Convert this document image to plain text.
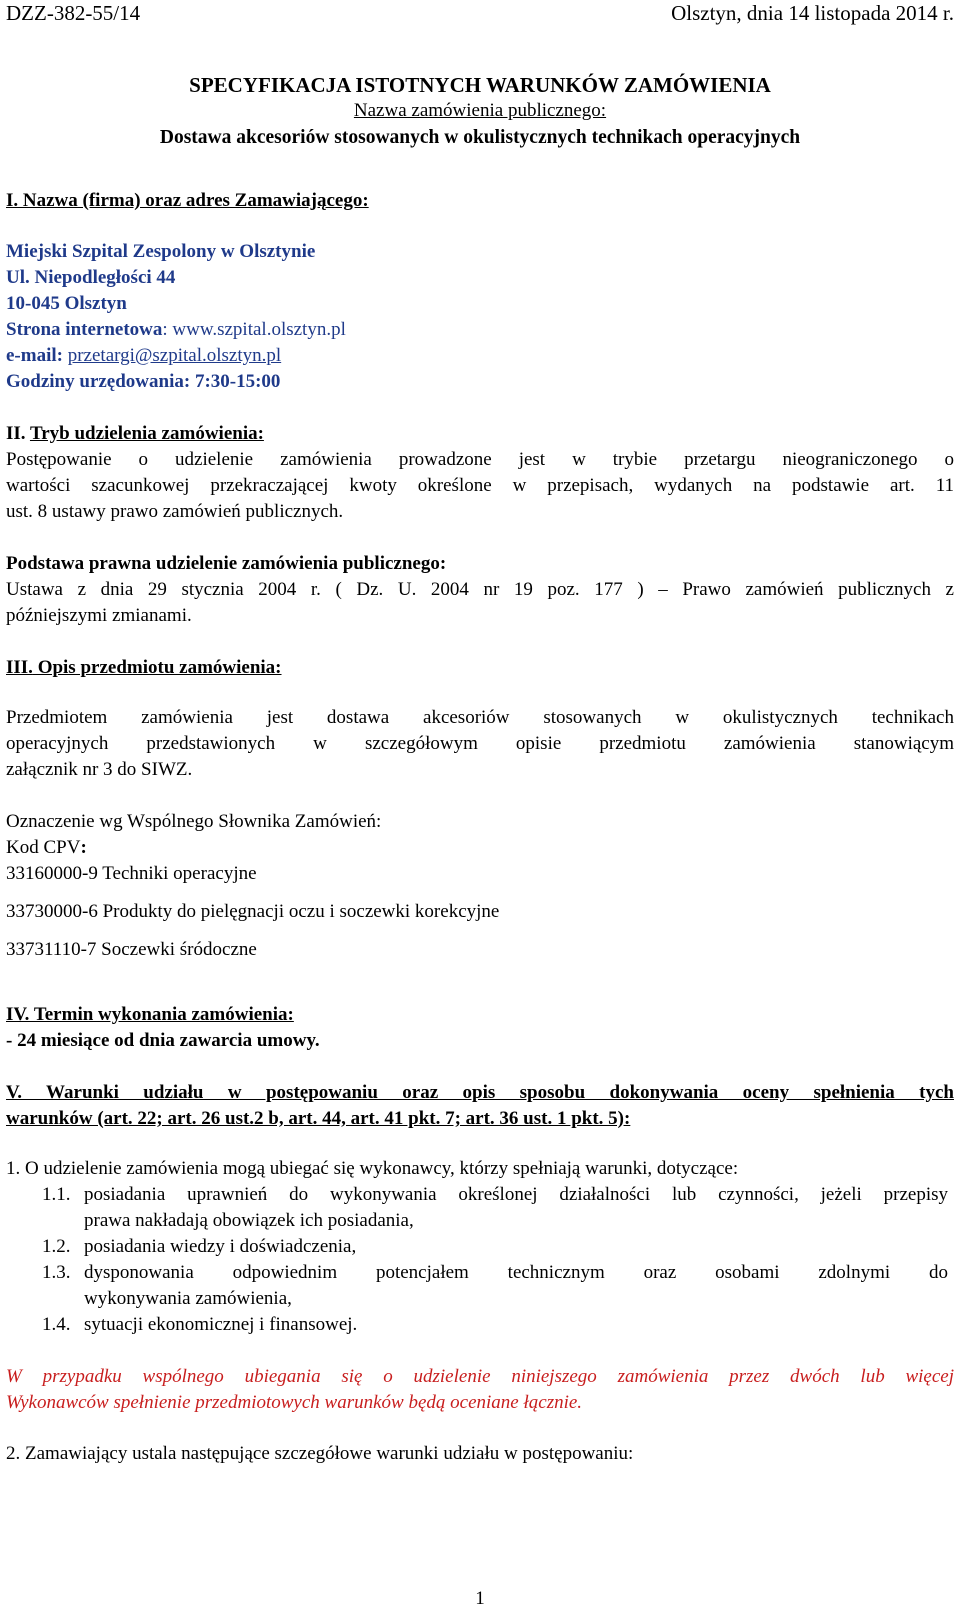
DZZ-382-55/14	Olsztyn, dnia 14 listopada 2014 r.
SPECYFIKACJA ISTOTNYCH WARUNKÓW ZAMÓWIENIA
Nazwa zamówienia publicznego:
Dostawa akcesoriów stosowanych w okulistycznych technikach operacyjnych
I. Nazwa (firma) oraz adres Zamawiającego:
Miejski Szpital Zespolony w Olsztynie
Ul. Niepodległości 44
10-045 Olsztyn
Strona internetowa: www.szpital.olsztyn.pl
e-mail: przetargi@szpital.olsztyn.pl
Godziny urzędowania: 7:30-15:00
II. Tryb udzielenia zamówienia:
Postępowanie o udzielenie zamówienia prowadzone jest w trybie przetargu nieograniczonego o
wartości szacunkowej przekraczającej kwoty określone w przepisach, wydanych na podstawie art. 11
ust. 8 ustawy prawo zamówień publicznych.
Podstawa prawna udzielenie zamówienia publicznego:
Ustawa z dnia 29 stycznia 2004 r. ( Dz. U. 2004 nr 19 poz. 177 ) – Prawo zamówień publicznych z
późniejszymi zmianami.
III. Opis przedmiotu zamówienia:
Przedmiotem zamówienia jest dostawa akcesoriów stosowanych w okulistycznych technikach
operacyjnych przedstawionych w szczegółowym opisie przedmiotu zamówienia stanowiącym
załącznik nr 3 do SIWZ.
Oznaczenie wg Wspólnego Słownika Zamówień:
Kod CPV:
33160000-9 Techniki operacyjne
33730000-6 Produkty do pielęgnacji oczu i soczewki korekcyjne
33731110-7 Soczewki śródoczne
IV. Termin wykonania zamówienia:
- 24 miesiące od dnia zawarcia umowy.
V. Warunki udziału w postępowaniu oraz opis sposobu dokonywania oceny spełnienia tych
warunków (art. 22; art. 26 ust.2 b, art. 44, art. 41 pkt. 7; art. 36 ust. 1 pkt. 5):
1. O udzielenie zamówienia mogą ubiegać się wykonawcy, którzy spełniają warunki, dotyczące:
1.1. posiadania uprawnień do wykonywania określonej działalności lub czynności, jeżeli przepisy
prawa nakładają obowiązek ich posiadania,
1.2. posiadania wiedzy i doświadczenia,
1.3. dysponowania odpowiednim potencjałem technicznym oraz osobami zdolnymi do
wykonywania zamówienia,
1.4. sytuacji ekonomicznej i finansowej.
W przypadku wspólnego ubiegania się o udzielenie niniejszego zamówienia przez dwóch lub więcej
Wykonawców spełnienie przedmiotowych warunków będą oceniane łącznie.
2. Zamawiający ustala następujące szczegółowe warunki udziału w postępowaniu:
1
